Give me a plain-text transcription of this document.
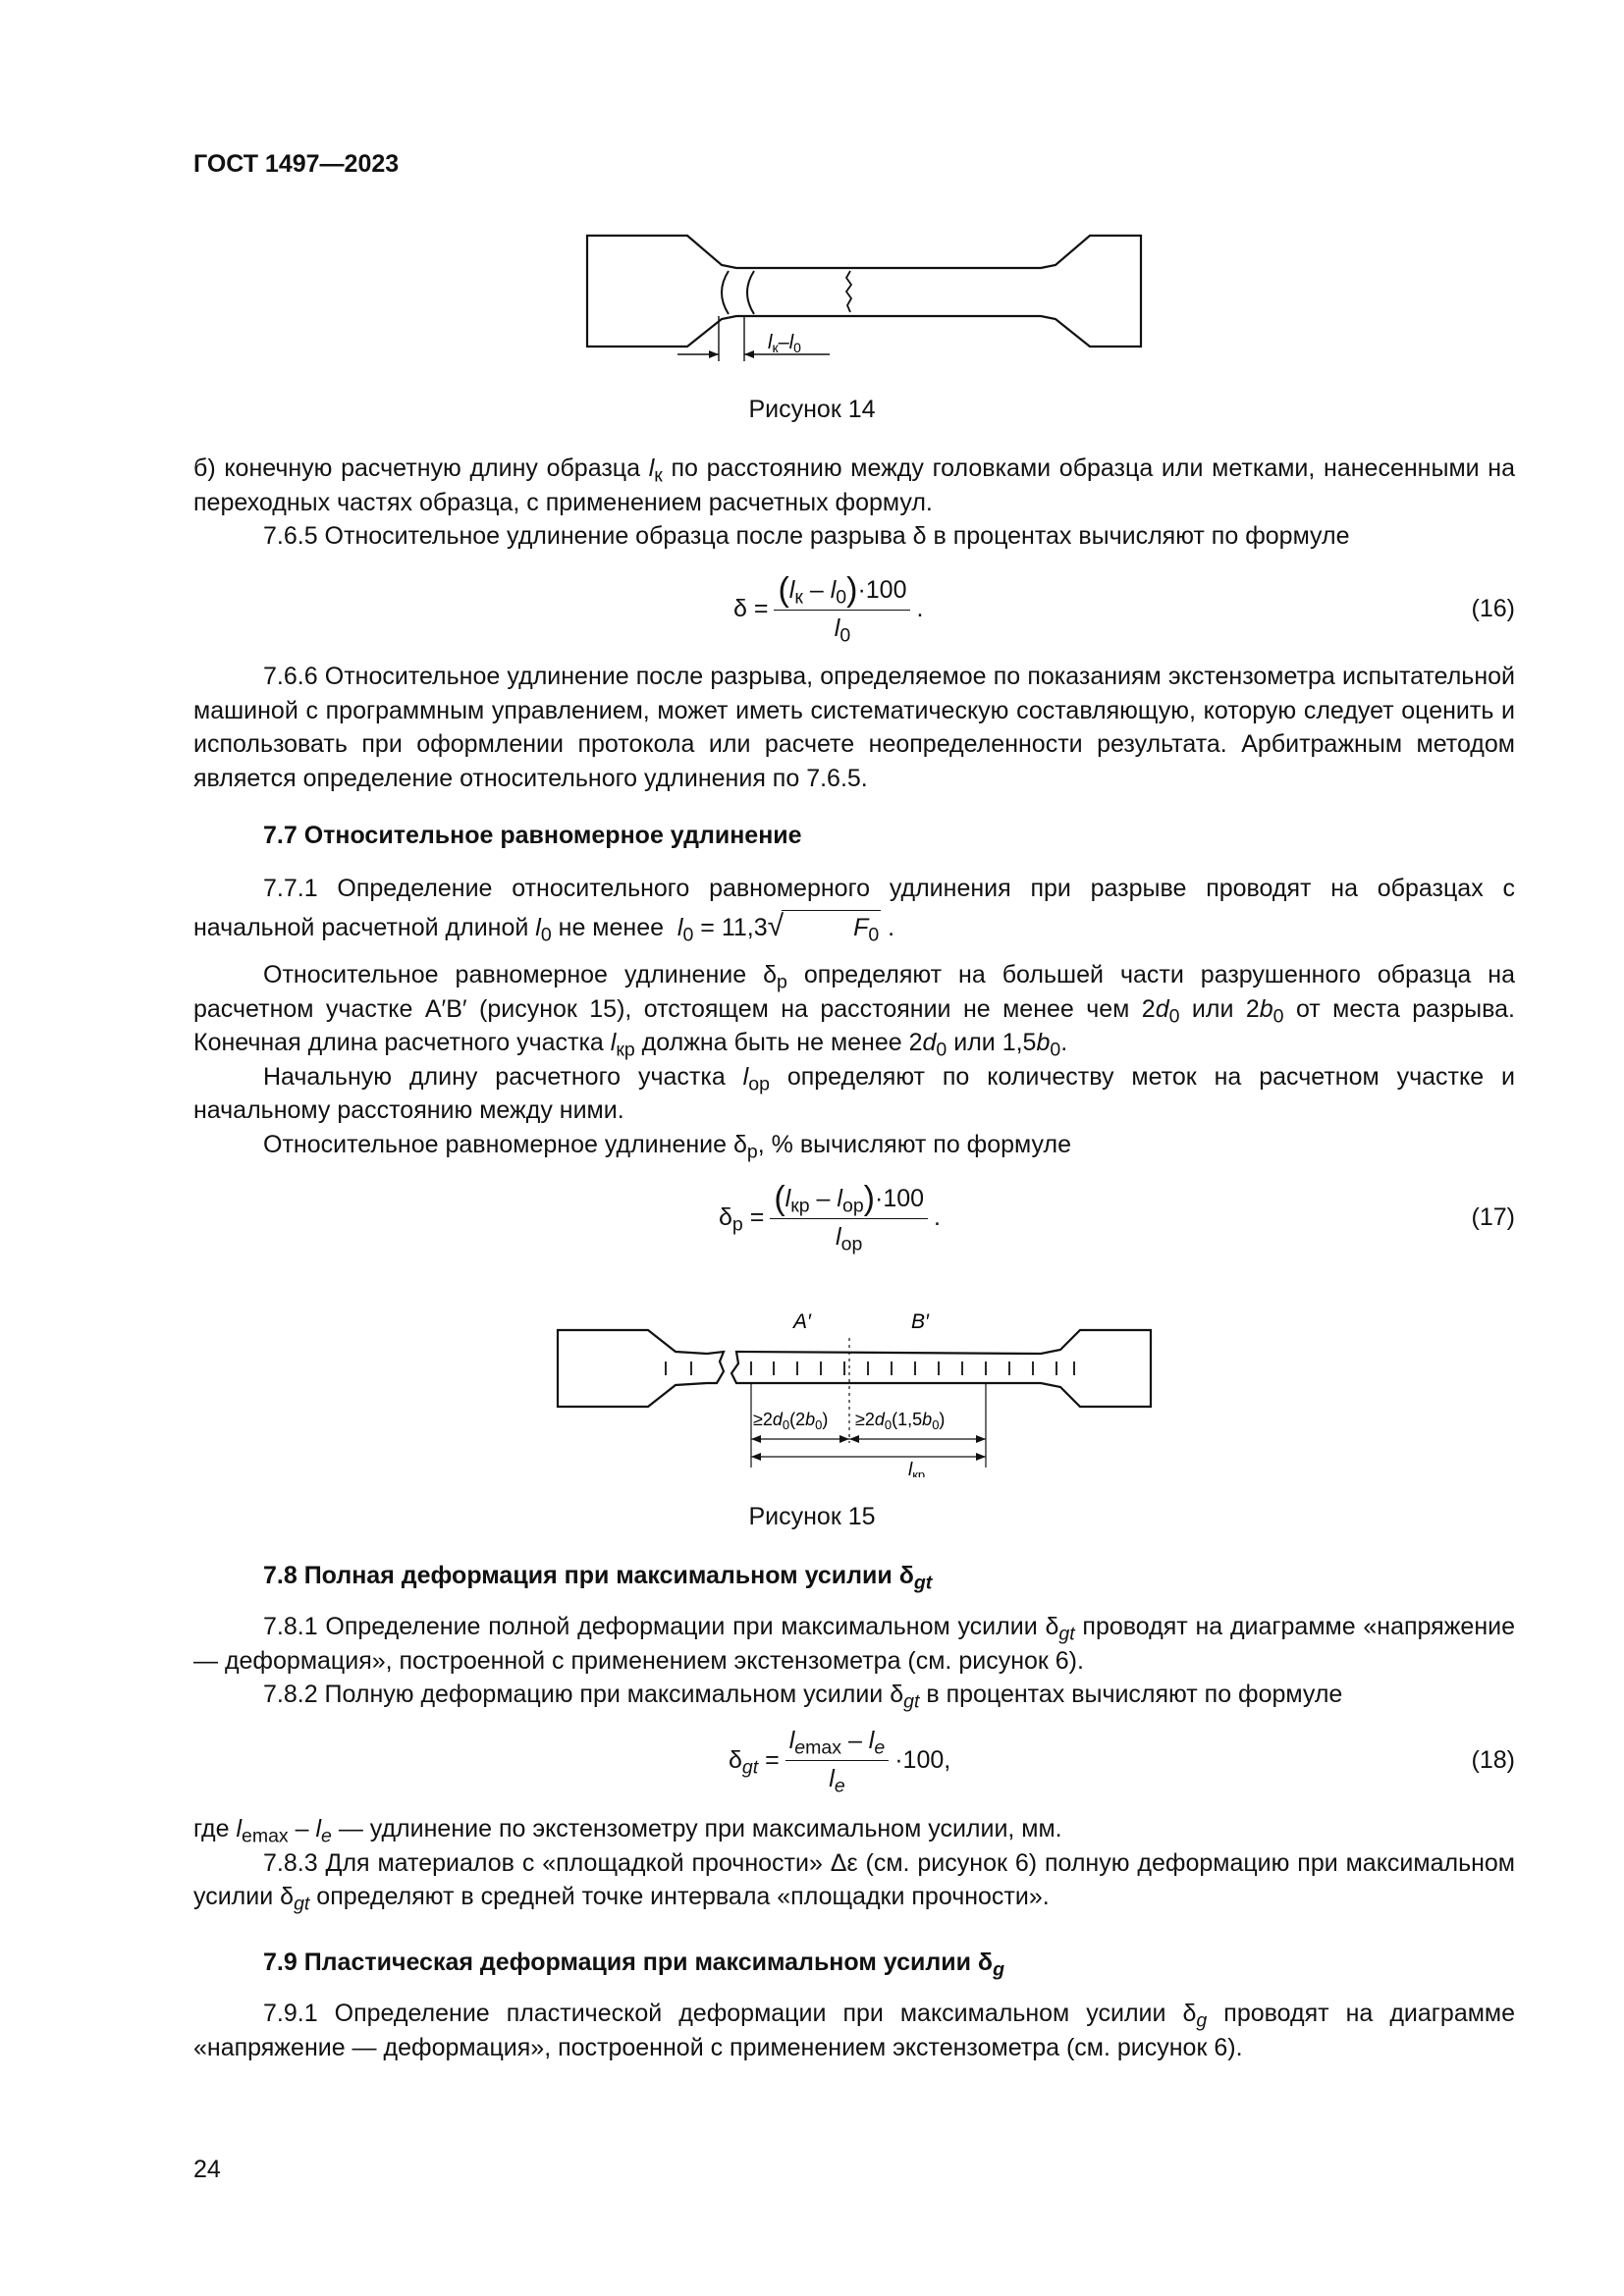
ГОСТ 1497—2023
$l_к-l_0$
Рисунок 14

б) конечную расчетную длину образца $l_к$ по расстоянию между головками образца или метками, нанесенными на переходных частях образца, с применением расчетных формул.

7.6.5 Относительное удлинение образца после разрыва δ в процентах вычисляют по формуле

$\delta = \frac{(l_к - l_0)\cdot 100}{l_0}$ .	(16)

7.6.6 Относительное удлинение после разрыва, определяемое по показаниям экстензометра испытательной машиной с программным управлением, может иметь систематическую составляющую, которую следует оценить и использовать при оформлении протокола или расчете неопределенности результата. Арбитражным методом является определение относительного удлинения по 7.6.5.

7.7 Относительное равномерное удлинение

7.7.1 Определение относительного равномерного удлинения при разрыве проводят на образцах с начальной расчетной длиной $l_0$ не менее  $l_0 = 11,3√$	$F_0$ .

Относительное равномерное удлинение $\delta_р$ определяют на большей части разрушенного образца на расчетном участке A′B′ (рисунок 15), отстоящем на расстоянии не менее чем $2d_0$ или $2b_0$ от места разрыва. Конечная длина расчетного участка $l_{кр}$ должна быть не менее $2d_0$ или $1,5b_0$.

Начальную длину расчетного участка $l_{ор}$ определяют по количеству меток на расчетном участке и начальному расстоянию между ними.

Относительное равномерное удлинение $\delta_р$, % вычисляют по формуле

$\delta_р = \frac{(l_{кр} - l_{ор})\cdot 100}{l_{ор}}$ .	(17)
A′	B′
$\ge 2d_0(2b_0) \ge 2d_0(1,5b_0)$
$l_{кр}$
Рисунок 15

7.8 Полная деформация при максимальном усилии $\delta_{gt}$

7.8.1 Определение полной деформации при максимальном усилии $\delta_{gt}$ проводят на диаграмме «напряжение — деформация», построенной с применением экстензометра (см. рисунок 6).

7.8.2 Полную деформацию при максимальном усилии $\delta_{gt}$ в процентах вычисляют по формуле

$\delta_{gt} = \frac{l_{emax} - l_e}{l_e} \cdot 100$,	(18)

где $l_{emax} - l_e$ — удлинение по экстензометру при максимальном усилии, мм.

7.8.3 Для материалов с «площадкой прочности» Δε (см. рисунок 6) полную деформацию при максимальном усилии $\delta_{gt}$ определяют в средней точке интервала «площадки прочности».

7.9 Пластическая деформация при максимальном усилии $\delta_g$

7.9.1 Определение пластической деформации при максимальном усилии $\delta_g$ проводят на диаграмме «напряжение — деформация», построенной с применением экстензометра (см. рисунок 6).

24
